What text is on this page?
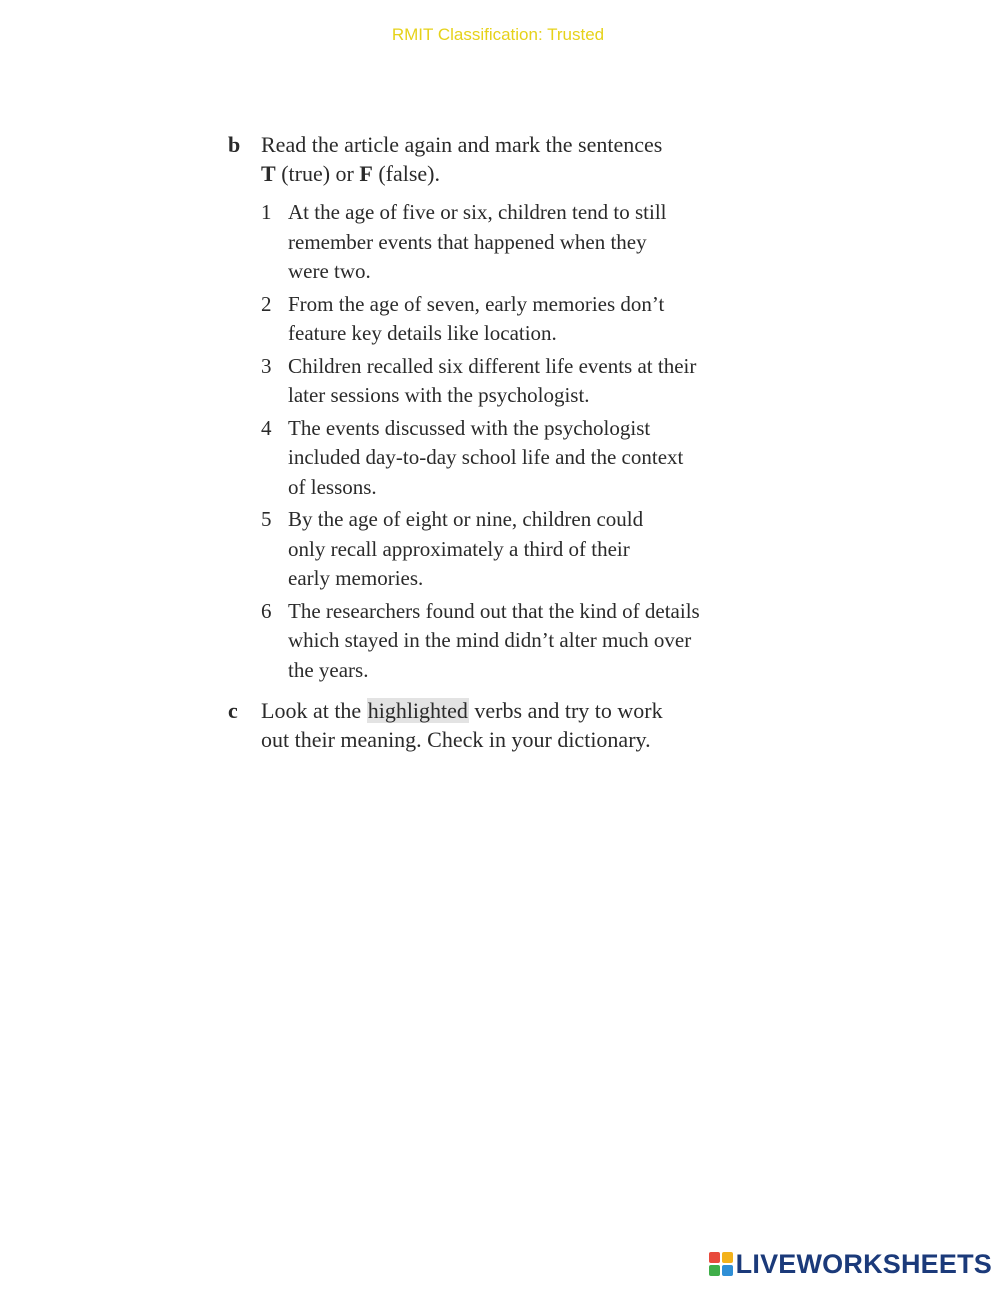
RMIT Classification: Trusted
b Read the article again and mark the sentences
T (true) or F (false).
1 At the age of five or six, children tend to still
remember events that happened when they
were two.
2 From the age of seven, early memories don’t
feature key details like location.
3 Children recalled six different life events at their
later sessions with the psychologist.
4 The events discussed with the psychologist
included day-to-day school life and the context
of lessons.
5 By the age of eight or nine, children could
only recall approximately a third of their
early memories.
6 The researchers found out that the kind of details
which stayed in the mind didn’t alter much over
the years.
c Look at the highlighted verbs and try to work
out their meaning. Check in your dictionary.
LIVEWORKSHEETS
